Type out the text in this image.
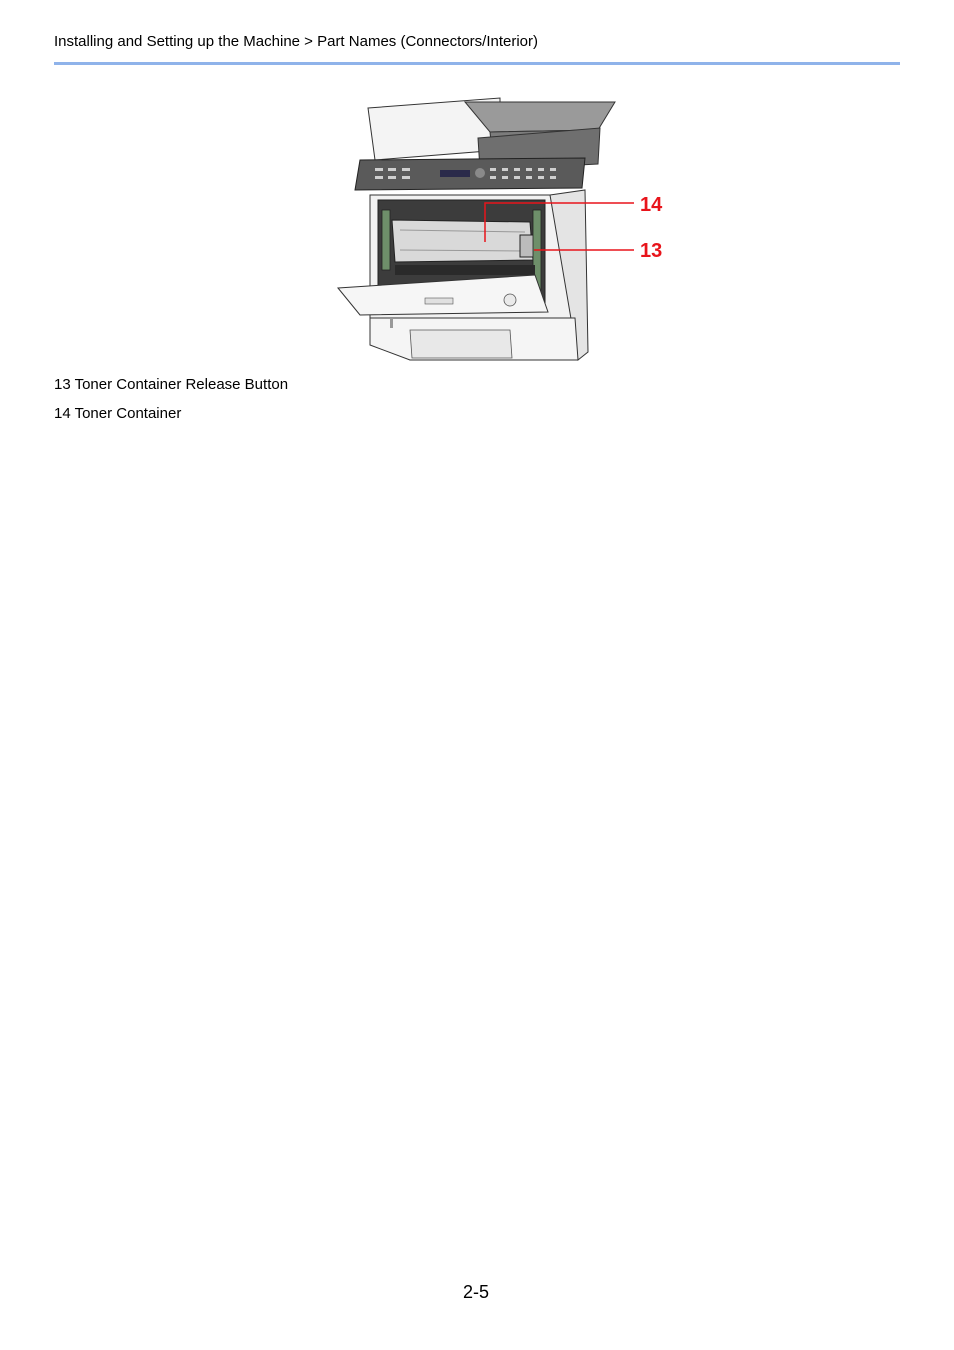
Installing and Setting up the Machine > Part Names (Connectors/Interior)
14
13
13 Toner Container Release Button
14 Toner Container
2-5
